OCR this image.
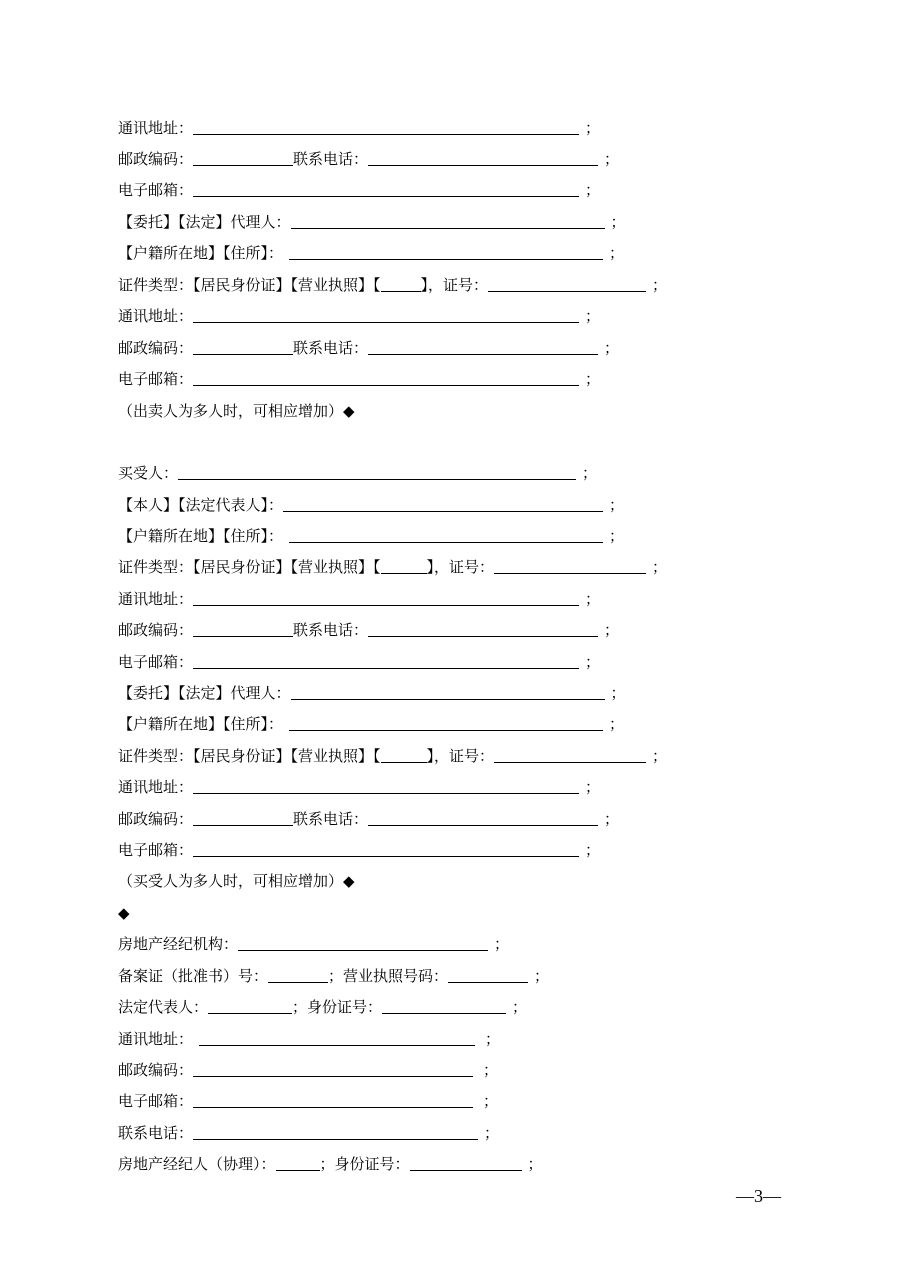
通讯地址：	；
邮政编码：	联系电话：	；
电子邮箱：	；
【委托】【法定】代理人：	；
【户籍所在地】【住所】：	；
证件类型：【居民身份证】【营业执照】【	】，证号：	；
通讯地址：	；
邮政编码：	联系电话：	；
电子邮箱：	；
（出卖人为多人时，可相应增加）◆
买受人：	；
【本人】【法定代表人】：	；
【户籍所在地】【住所】：	；
证件类型：【居民身份证】【营业执照】【	】，证号：	；
通讯地址：	；
邮政编码：	联系电话：	；
电子邮箱：	；
【委托】【法定】代理人：	；
【户籍所在地】【住所】：	；
证件类型：【居民身份证】【营业执照】【	】，证号：	；
通讯地址：	；
邮政编码：	联系电话：	；
电子邮箱：	；
（买受人为多人时，可相应增加）◆
◆
房地产经纪机构：	；
备案证（批准书）号：	；营业执照号码：	；
法定代表人：	；身份证号：	；
通讯地址：	；
邮政编码：	；
电子邮箱：	；
联系电话：	；
房地产经纪人（协理）：	；身份证号：	；
—3—
